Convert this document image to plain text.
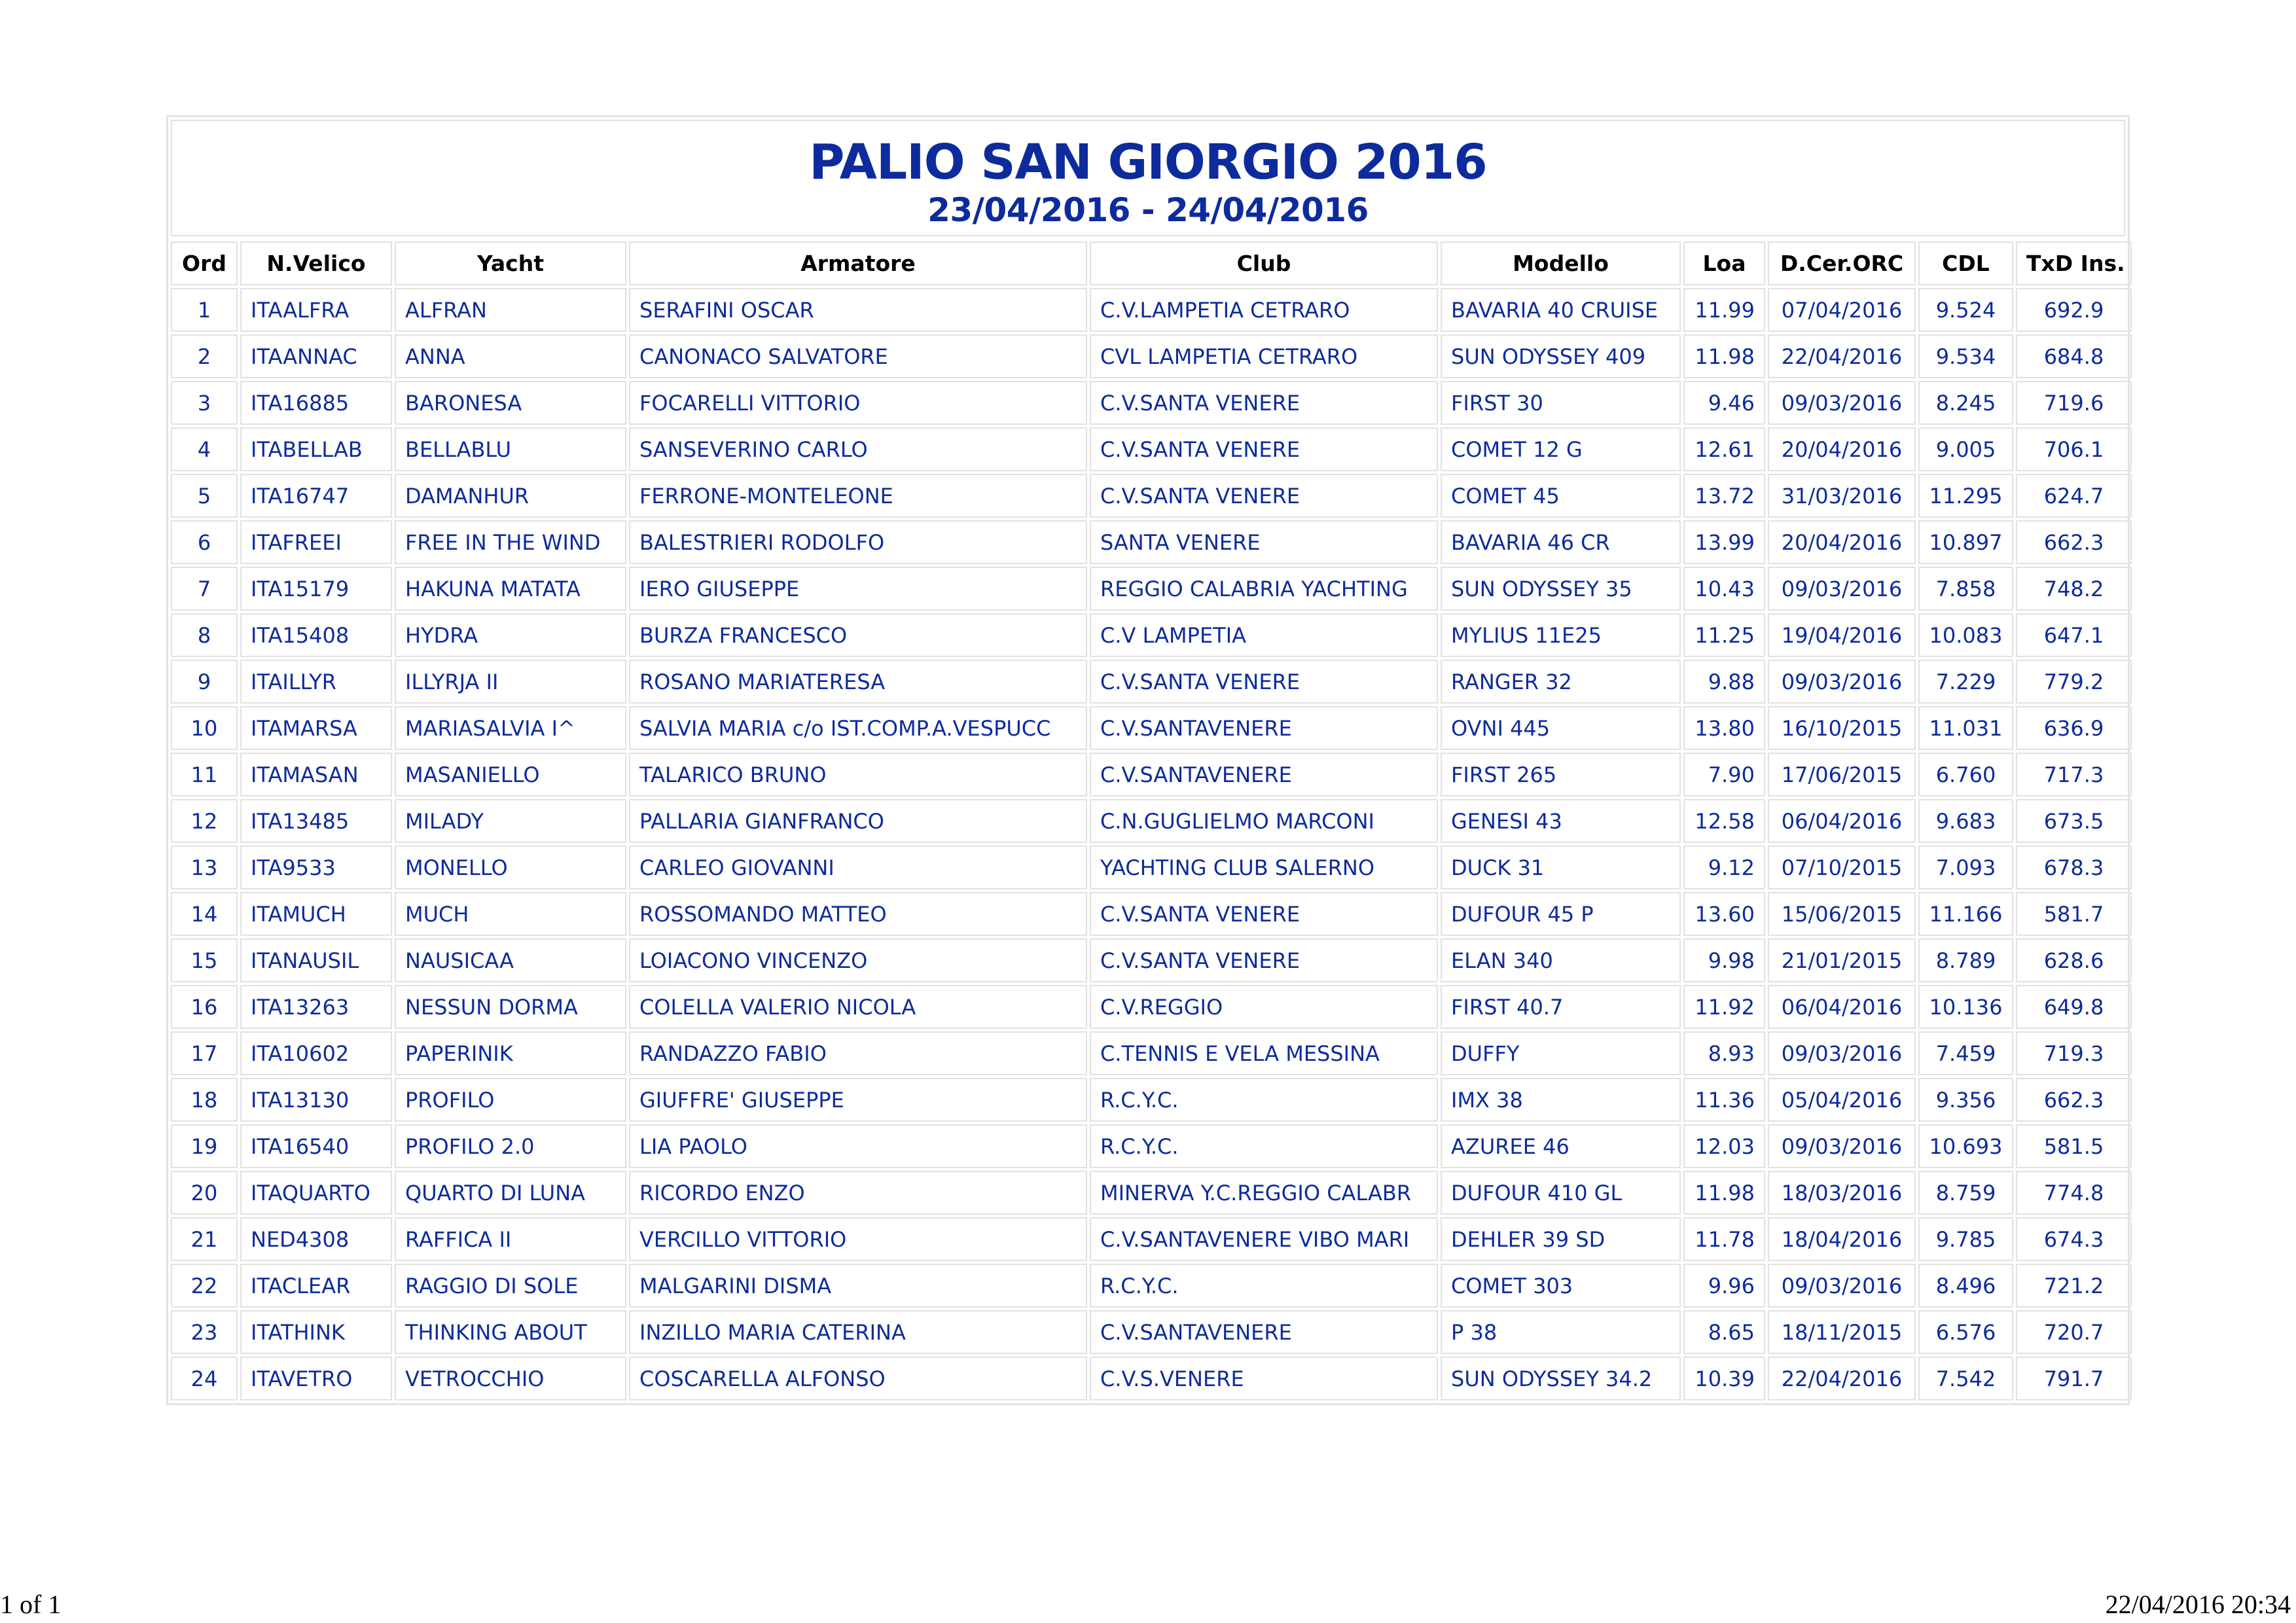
PALIO SAN GIORGIO 2016
23/04/2016 - 24/04/2016
Ord	N.Velico	Yacht	Armatore	Club	Modello	Loa	D.Cer.ORC	CDL	TxD Ins.
1	ITAALFRA	ALFRAN	SERAFINI OSCAR	C.V.LAMPETIA CETRARO	BAVARIA 40 CRUISE	11.99	07/04/2016	9.524	692.9
2	ITAANNAC	ANNA	CANONACO SALVATORE	CVL LAMPETIA CETRARO	SUN ODYSSEY 409	11.98	22/04/2016	9.534	684.8
3	ITA16885	BARONESA	FOCARELLI VITTORIO	C.V.SANTA VENERE	FIRST 30	9.46	09/03/2016	8.245	719.6
4	ITABELLAB	BELLABLU	SANSEVERINO CARLO	C.V.SANTA VENERE	COMET 12 G	12.61	20/04/2016	9.005	706.1
5	ITA16747	DAMANHUR	FERRONE-MONTELEONE	C.V.SANTA VENERE	COMET 45	13.72	31/03/2016	11.295	624.7
6	ITAFREEI	FREE IN THE WIND	BALESTRIERI RODOLFO	SANTA VENERE	BAVARIA 46 CR	13.99	20/04/2016	10.897	662.3
7	ITA15179	HAKUNA MATATA	IERO GIUSEPPE	REGGIO CALABRIA YACHTING	SUN ODYSSEY 35	10.43	09/03/2016	7.858	748.2
8	ITA15408	HYDRA	BURZA FRANCESCO	C.V LAMPETIA	MYLIUS 11E25	11.25	19/04/2016	10.083	647.1
9	ITAILLYR	ILLYRJA II	ROSANO MARIATERESA	C.V.SANTA VENERE	RANGER 32	9.88	09/03/2016	7.229	779.2
10	ITAMARSA	MARIASALVIA I^	SALVIA MARIA c/o IST.COMP.A.VESPUCC	C.V.SANTAVENERE	OVNI 445	13.80	16/10/2015	11.031	636.9
11	ITAMASAN	MASANIELLO	TALARICO BRUNO	C.V.SANTAVENERE	FIRST 265	7.90	17/06/2015	6.760	717.3
12	ITA13485	MILADY	PALLARIA GIANFRANCO	C.N.GUGLIELMO MARCONI	GENESI 43	12.58	06/04/2016	9.683	673.5
13	ITA9533	MONELLO	CARLEO GIOVANNI	YACHTING CLUB SALERNO	DUCK 31	9.12	07/10/2015	7.093	678.3
14	ITAMUCH	MUCH	ROSSOMANDO MATTEO	C.V.SANTA VENERE	DUFOUR 45 P	13.60	15/06/2015	11.166	581.7
15	ITANAUSIL	NAUSICAA	LOIACONO VINCENZO	C.V.SANTA VENERE	ELAN 340	9.98	21/01/2015	8.789	628.6
16	ITA13263	NESSUN DORMA	COLELLA VALERIO NICOLA	C.V.REGGIO	FIRST 40.7	11.92	06/04/2016	10.136	649.8
17	ITA10602	PAPERINIK	RANDAZZO FABIO	C.TENNIS E VELA MESSINA	DUFFY	8.93	09/03/2016	7.459	719.3
18	ITA13130	PROFILO	GIUFFRE' GIUSEPPE	R.C.Y.C.	IMX 38	11.36	05/04/2016	9.356	662.3
19	ITA16540	PROFILO 2.0	LIA PAOLO	R.C.Y.C.	AZUREE 46	12.03	09/03/2016	10.693	581.5
20	ITAQUARTO	QUARTO DI LUNA	RICORDO ENZO	MINERVA Y.C.REGGIO CALABR	DUFOUR 410 GL	11.98	18/03/2016	8.759	774.8
21	NED4308	RAFFICA II	VERCILLO VITTORIO	C.V.SANTAVENERE VIBO MARI	DEHLER 39 SD	11.78	18/04/2016	9.785	674.3
22	ITACLEAR	RAGGIO DI SOLE	MALGARINI DISMA	R.C.Y.C.	COMET 303	9.96	09/03/2016	8.496	721.2
23	ITATHINK	THINKING ABOUT	INZILLO MARIA CATERINA	C.V.SANTAVENERE	P 38	8.65	18/11/2015	6.576	720.7
24	ITAVETRO	VETROCCHIO	COSCARELLA ALFONSO	C.V.S.VENERE	SUN ODYSSEY 34.2	10.39	22/04/2016	7.542	791.7
1 of 1	22/04/2016 20:34
